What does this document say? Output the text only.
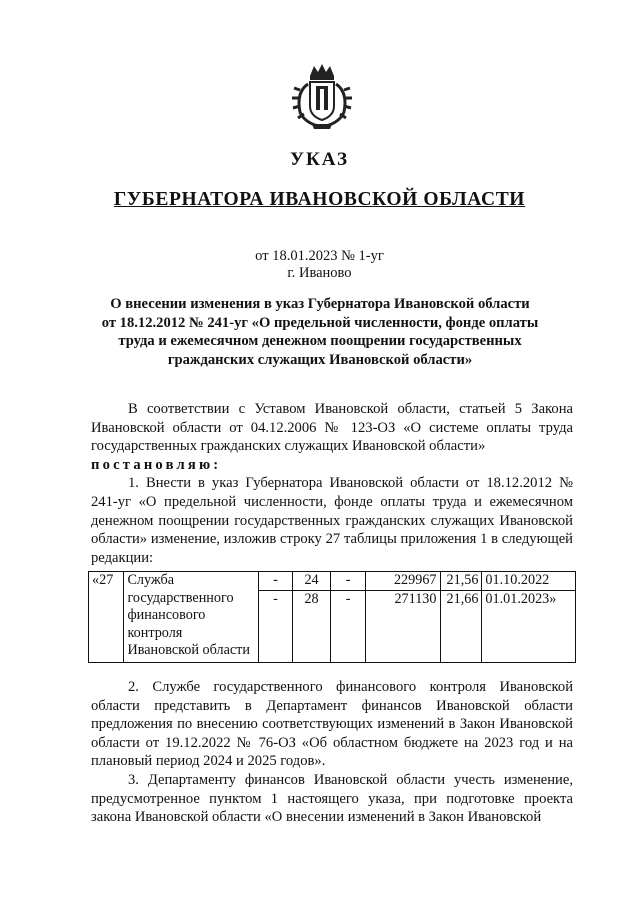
УКАЗ
ГУБЕРНАТОРА ИВАНОВСКОЙ ОБЛАСТИ
от 18.01.2023 № 1-уг
г. Иваново
О внесении изменения в указ Губернатора Ивановской области
от 18.12.2012 № 241-уг «О предельной численности, фонде оплаты
труда и ежемесячном денежном поощрении государственных
гражданских служащих Ивановской области»

В соответствии с Уставом Ивановской области, статьей 5 Закона Ивановской области от 04.12.2006 № 123-ОЗ «О системе оплаты труда государственных гражданских служащих Ивановской области»

постановляю:

1. Внести в указ Губернатора Ивановской области от 18.12.2012 № 241-уг «О предельной численности, фонде оплаты труда и ежемесячном денежном поощрении государственных гражданских служащих Ивановской области» изменение, изложив строку 27 таблицы приложения 1 в следующей редакции:

«27	Служба государственного финансового контроля Ивановской области	-	24	-	229967	21,56	01.10.2022
		-	28	-	271130	21,66	01.01.2023»

2. Службе государственного финансового контроля Ивановской области представить в Департамент финансов Ивановской области предложения по внесению соответствующих изменений в Закон Ивановской области от 19.12.2022 № 76-ОЗ «Об областном бюджете на 2023 год и на плановый период 2024 и 2025 годов».

3. Департаменту финансов Ивановской области учесть изменение, предусмотренное пунктом 1 настоящего указа, при подготовке проекта закона Ивановской области «О внесении изменений в Закон Ивановской
